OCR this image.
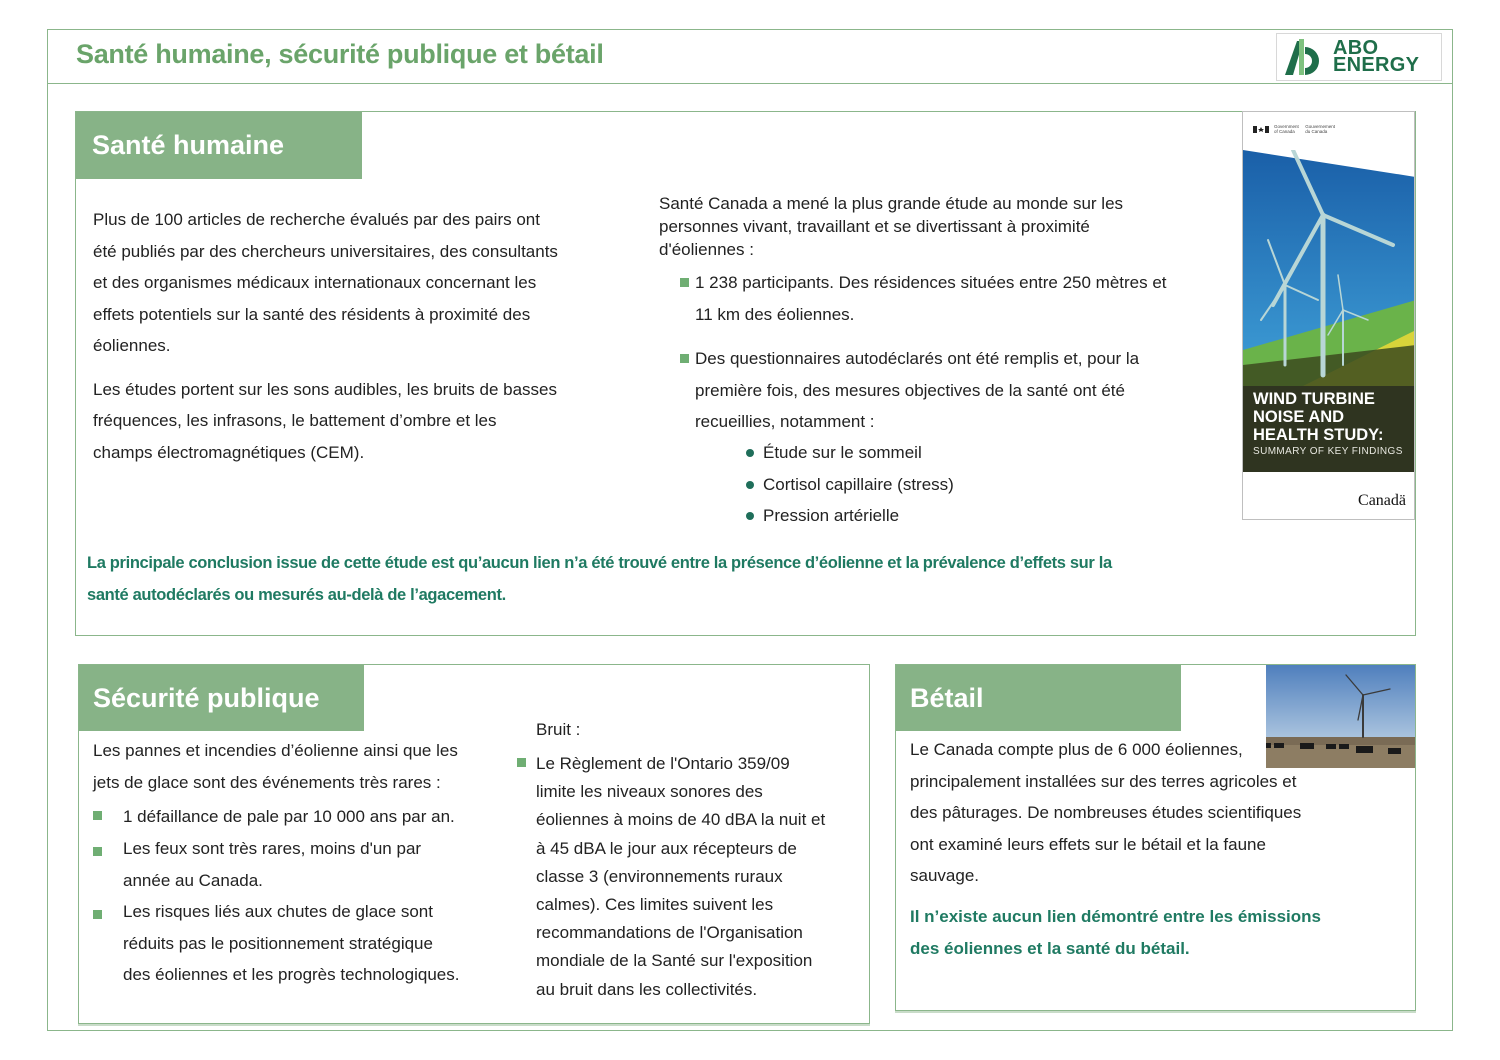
Santé humaine, sécurité publique et bétail	ABO
ENERGY
Santé humaine
Plus de 100 articles de recherche évalués par des pairs ont
été publiés par des chercheurs universitaires, des consultants
et des organismes médicaux internationaux concernant les
effets potentiels sur la santé des résidents à proximité des
éoliennes.
Les études portent sur les sons audibles, les bruits de basses
fréquences, les infrasons, le battement d’ombre et les
champs électromagnétiques (CEM).
Santé Canada a mené la plus grande étude au monde sur les
personnes vivant, travaillant et se divertissant à proximité
d'éoliennes :
1 238 participants. Des résidences situées entre 250 mètres et
11 km des éoliennes.
Des questionnaires autodéclarés ont été remplis et, pour la
première fois, des mesures objectives de la santé ont été
recueillies, notamment :
Étude sur le sommeil
Cortisol capillaire (stress)
Pression artérielle
La principale conclusion issue de cette étude est qu’aucun lien n’a été trouvé entre la présence d’éolienne et la prévalence d’effets sur la
santé autodéclarés ou mesurés au-delà de l’agacement.
Government
of Canada Gouvernement
du Canada
WIND TURBINE
NOISE AND
HEALTH STUDY:
SUMMARY OF KEY FINDINGS
Canadä
Sécurité publique
Les pannes et incendies d’éolienne ainsi que les
jets de glace sont des événements très rares :
1 défaillance de pale par 10 000 ans par an.
Les feux sont très rares, moins d'un par
année au Canada.
Les risques liés aux chutes de glace sont
réduits pas le positionnement stratégique
des éoliennes et les progrès technologiques.
Bruit :
Le Règlement de l'Ontario 359/09
limite les niveaux sonores des
éoliennes à moins de 40 dBA la nuit et
à 45 dBA le jour aux récepteurs de
classe 3 (environnements ruraux
calmes). Ces limites suivent les
recommandations de l'Organisation
mondiale de la Santé sur l'exposition
au bruit dans les collectivités.
Bétail
Le Canada compte plus de 6 000 éoliennes,
principalement installées sur des terres agricoles et
des pâturages. De nombreuses études scientifiques
ont examiné leurs effets sur le bétail et la faune
sauvage.
Il n’existe aucun lien démontré entre les émissions
des éoliennes et la santé du bétail.
